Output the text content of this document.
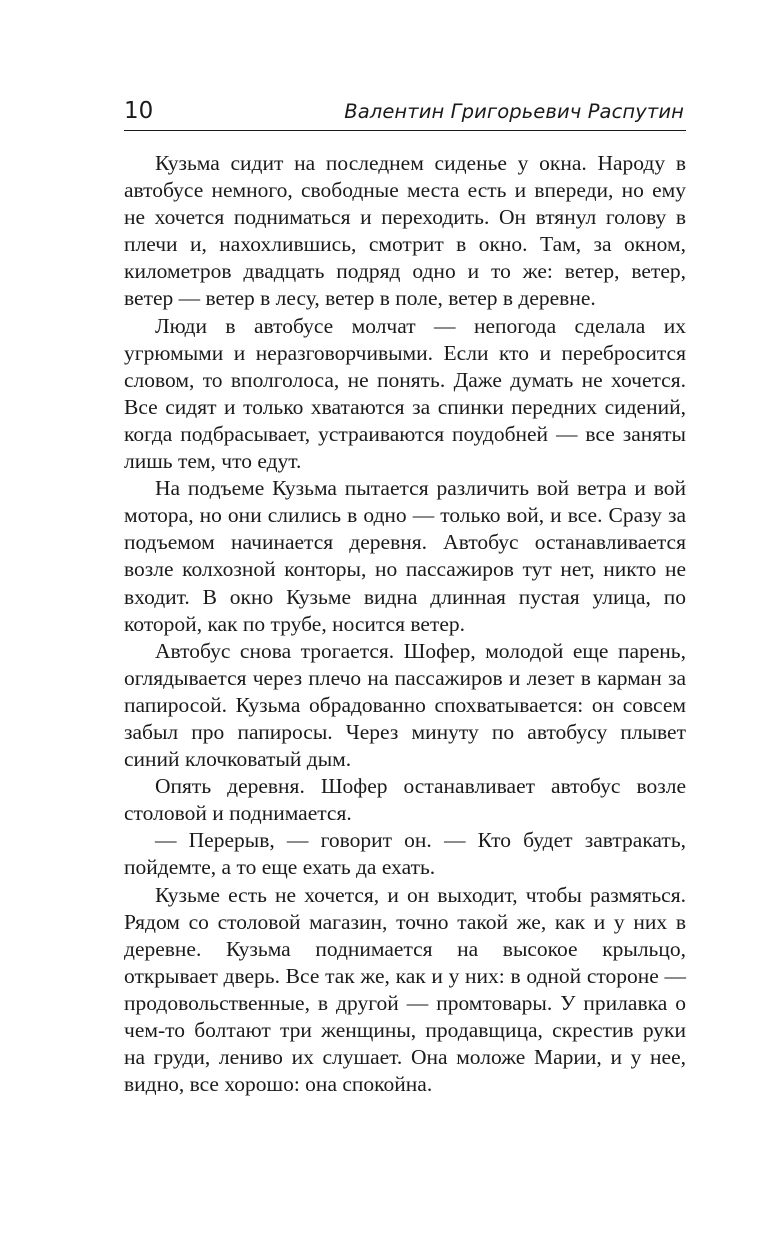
10	Валентин Григорьевич Распутин

Кузьма сидит на последнем сиденье у окна. Народу в автобусе немного, свободные места есть и впереди, но ему не хочется подниматься и переходить. Он втянул голову в плечи и, нахохлившись, смотрит в окно. Там, за окном, километров двадцать подряд одно и то же: ветер, ветер, ветер — ветер в лесу, ветер в поле, ветер в деревне.

Люди в автобусе молчат — непогода сделала их угрюмыми и неразговорчивыми. Если кто и перебросится словом, то вполголоса, не понять. Даже думать не хочется. Все сидят и только хватаются за спинки передних сидений, когда подбрасывает, устраиваются поудобней — все заняты лишь тем, что едут.

На подъеме Кузьма пытается различить вой ветра и вой мотора, но они слились в одно — только вой, и все. Сразу за подъемом начинается деревня. Автобус останавливается возле колхозной конторы, но пассажиров тут нет, никто не входит. В окно Кузьме видна длинная пустая улица, по которой, как по трубе, носится ветер.

Автобус снова трогается. Шофер, молодой еще парень, оглядывается через плечо на пассажиров и лезет в карман за папиросой. Кузьма обрадованно спохватывается: он совсем забыл про папиросы. Через минуту по автобусу плывет синий клочковатый дым.

Опять деревня. Шофер останавливает автобус возле столовой и поднимается.

— Перерыв, — говорит он. — Кто будет завтракать, пойдемте, а то еще ехать да ехать.

Кузьме есть не хочется, и он выходит, чтобы размяться. Рядом со столовой магазин, точно такой же, как и у них в деревне. Кузьма поднимается на высокое крыльцо, открывает дверь. Все так же, как и у них: в одной стороне — продовольственные, в другой — промтовары. У прилавка о чем-то болтают три женщины, продавщица, скрестив руки на груди, лениво их слушает. Она моложе Марии, и у нее, видно, все хорошо: она спокойна.
